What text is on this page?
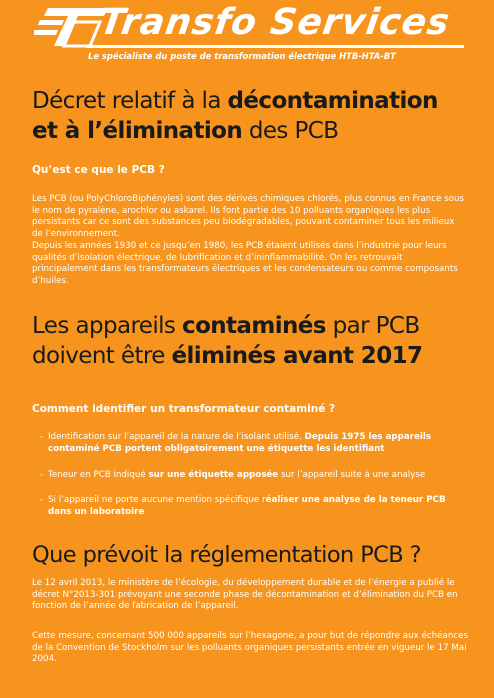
Transfo Services
Le spécialiste du poste de transformation électrique HTB-HTA-BT
Décret relatif à la décontamination
et à l’élimination des PCB
Qu’est ce que le PCB ?

Les PCB (ou PolyChloroBiphényles) sont des dérivés chimiques chlorés, plus connus en France sous le nom de pyralène, arochlor ou askarel. Ils font partie des 10 polluants organiques les plus persistants car ce sont des substances peu biodégradables, pouvant contaminer tous les milieux de l’environnement.

Depuis les années 1930 et ce jusqu’en 1980, les PCB étaient utilisés dans l’industrie pour leurs qualités d’isolation électrique, de lubrification et d’ininflammabilité. On les retrouvait principalement dans les transformateurs électriques et les condensateurs ou comme composants d’huiles.

Les appareils contaminés par PCB
doivent être éliminés avant 2017
Comment identifier un transformateur contaminé ?
- Identification sur l’appareil de la nature de l’isolant utilisé. Depuis 1975 les appareils contaminé PCB portent obligatoirement une étiquette les identifiant
- Teneur en PCB indiqué sur une étiquette apposée sur l’appareil suite à une analyse
- Si l’appareil ne porte aucune mention spécifique réaliser une analyse de la teneur PCB dans un laboratoire
Que prévoit la réglementation PCB ?

Le 12 avril 2013, le ministère de l’écologie, du développement durable et de l’énergie a publié le décret N°2013-301 prévoyant une seconde phase de décontamination et d’élimination du PCB en fonction de l’année de fabrication de l’appareil.

Cette mesure, concernant 500 000 appareils sur l’hexagone, a pour but de répondre aux échéances de la Convention de Stockholm sur les polluants organiques persistants entrée en vigueur le 17 Mai 2004.
